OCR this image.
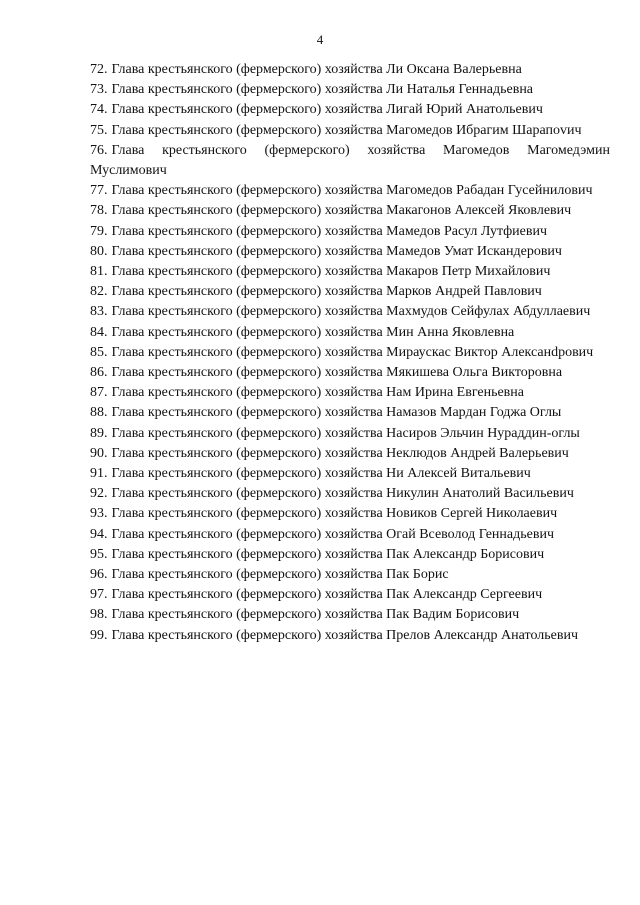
4
72. Глава крестьянского (фермерского) хозяйства Ли Оксана Валерьевна
73. Глава крестьянского (фермерского) хозяйства Ли Наталья Геннадьевна
74. Глава крестьянского (фермерского) хозяйства Лигай Юрий Анатольевич
75. Глава крестьянского (фермерского) хозяйства Магомедов Ибрагим Шарапоvич
76. Глава крестьянского (фермерского) хозяйства Магомедов Магомедэмин Муслимович
77. Глава крестьянского (фермерского) хозяйства Магомедов Рабадан Гусейнилович
78. Глава крестьянского (фермерского) хозяйства Макагонов Алексей Яковлевич
79. Глава крестьянского (фермерского) хозяйства Мамедов Расул Лутфиевич
80. Глава крестьянского (фермерского) хозяйства Мамедов Умат Искандерович
81. Глава крестьянского (фермерского) хозяйства Макаров Петр Михайлович
82. Глава крестьянского (фермерского) хозяйства Марков Андрей Павлович
83. Глава крестьянского (фермерского) хозяйства Махмудов Сейфулах Абдуллаевич
84. Глава крестьянского (фермерского) хозяйства Мин Анна Яковлевна
85. Глава крестьянского (фермерского) хозяйства Мираускас Виктор Алексанdрович
86. Глава крестьянского (фермерского) хозяйства Мякишева Ольга Викторовна
87. Глава крестьянского (фермерского) хозяйства Нам Ирина Евгеньевна
88. Глава крестьянского (фермерского) хозяйства Намазов Мардан Годжа Оглы
89. Глава крестьянского (фермерского) хозяйства Насиров Эльчин Нураддин-оглы
90. Глава крестьянского (фермерского) хозяйства Неклюдов Андрей Валерьевич
91. Глава крестьянского (фермерского) хозяйства Ни Алексей Витальевич
92. Глава крестьянского (фермерского) хозяйства Никулин Анатолий Васильевич
93. Глава крестьянского (фермерского) хозяйства Новиков Сергей Николаевич
94. Глава крестьянского (фермерского) хозяйства Огай Всеволод Геннадьевич
95. Глава крестьянского (фермерского) хозяйства Пак Александр Борисович
96. Глава крестьянского (фермерского) хозяйства Пак Борис
97. Глава крестьянского (фермерского) хозяйства Пак Александр Сергеевич
98. Глава крестьянского (фермерского) хозяйства Пак Вадим Борисович
99. Глава крестьянского (фермерского) хозяйства Прелов Александр Анатольевич
